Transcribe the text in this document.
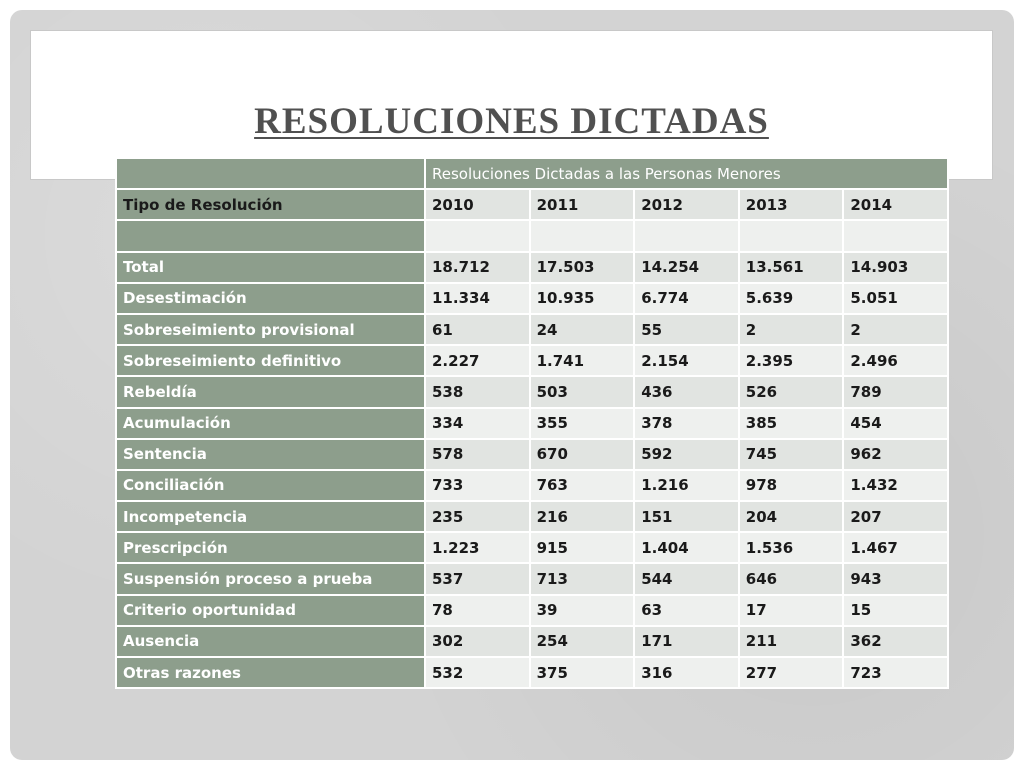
RESOLUCIONES DICTADAS
	Resoluciones Dictadas a las Personas Menores				
Tipo de Resolución	2010	2011	2012	2013	2014

Total	18.712	17.503	14.254	13.561	14.903
Desestimación	11.334	10.935	6.774	5.639	5.051
Sobreseimiento provisional	61	24	55	2	2
Sobreseimiento definitivo	2.227	1.741	2.154	2.395	2.496
Rebeldía	538	503	436	526	789
Acumulación	334	355	378	385	454
Sentencia	578	670	592	745	962
Conciliación	733	763	1.216	978	1.432
Incompetencia	235	216	151	204	207
Prescripción	1.223	915	1.404	1.536	1.467
Suspensión proceso a prueba	537	713	544	646	943
Criterio oportunidad	78	39	63	17	15
Ausencia	302	254	171	211	362
Otras razones	532	375	316	277	723
